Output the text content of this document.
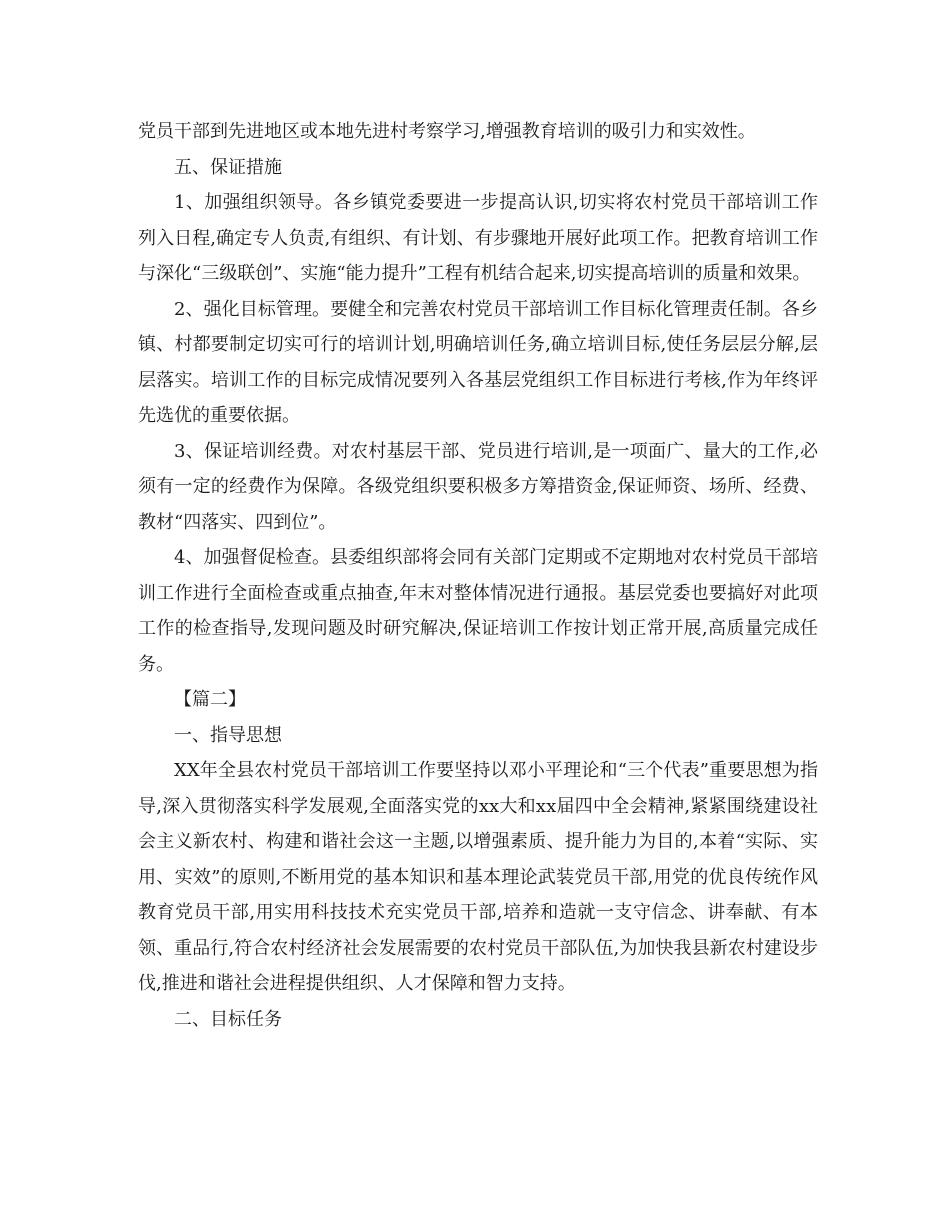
党员干部到先进地区或本地先进村考察学习,增强教育培训的吸引力和实效性。

五、保证措施

1、加强组织领导。各乡镇党委要进一步提高认识,切实将农村党员干部培训工作列入日程,确定专人负责,有组织、有计划、有步骤地开展好此项工作。把教育培训工作与深化“三级联创”、实施“能力提升”工程有机结合起来,切实提高培训的质量和效果。

2、强化目标管理。要健全和完善农村党员干部培训工作目标化管理责任制。各乡镇、村都要制定切实可行的培训计划,明确培训任务,确立培训目标,使任务层层分解,层层落实。培训工作的目标完成情况要列入各基层党组织工作目标进行考核,作为年终评先选优的重要依据。

3、保证培训经费。对农村基层干部、党员进行培训,是一项面广、量大的工作,必须有一定的经费作为保障。各级党组织要积极多方筹措资金,保证师资、场所、经费、教材“四落实、四到位”。

4、加强督促检查。县委组织部将会同有关部门定期或不定期地对农村党员干部培训工作进行全面检查或重点抽查,年末对整体情况进行通报。基层党委也要搞好对此项工作的检查指导,发现问题及时研究解决,保证培训工作按计划正常开展,高质量完成任务。

【篇二】

一、指导思想

XX年全县农村党员干部培训工作要坚持以邓小平理论和“三个代表”重要思想为指导,深入贯彻落实科学发展观,全面落实党的xx大和xx届四中全会精神,紧紧围绕建设社会主义新农村、构建和谐社会这一主题,以增强素质、提升能力为目的,本着“实际、实用、实效”的原则,不断用党的基本知识和基本理论武装党员干部,用党的优良传统作风教育党员干部,用实用科技技术充实党员干部,培养和造就一支守信念、讲奉献、有本领、重品行,符合农村经济社会发展需要的农村党员干部队伍,为加快我县新农村建设步伐,推进和谐社会进程提供组织、人才保障和智力支持。

二、目标任务
